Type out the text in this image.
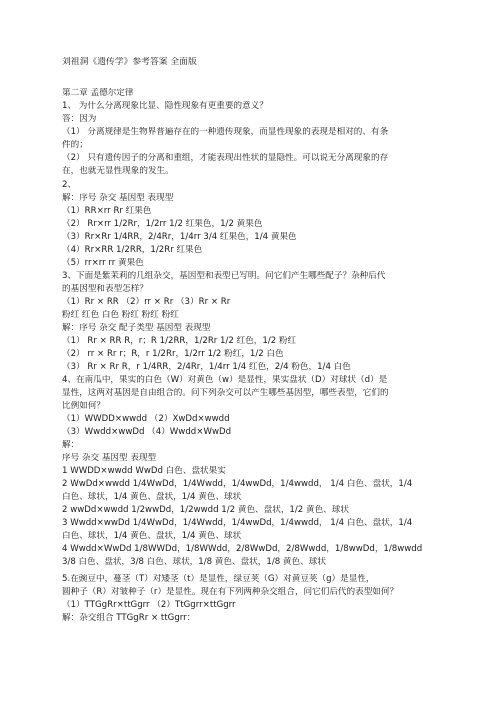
刘祖洞《遗传学》参考答案 全面版
第二章 孟德尔定律
1、 为什么分离现象比显、隐性现象有更重要的意义？
答：因为
（1） 分离规律是生物界普遍存在的一种遗传现象，而显性现象的表现是相对的、有条
件的；
（2） 只有遗传因子的分离和重组，才能表现出性状的显隐性。可以说无分离现象的存
在，也就无显性现象的发生。
2、
解：序号 杂交 基因型 表现型
（1）RR×rr Rr 红果色
（2） Rr×rr 1/2Rr，1/2rr 1/2 红果色，1/2 黄果色
（3）Rr×Rr 1/4RR，2/4Rr，1/4rr 3/4 红果色，1/4 黄果色
（4）Rr×RR 1/2RR，1/2Rr 红果色
（5）rr×rr rr 黄果色
3、下面是紫茉莉的几组杂交，基因型和表型已写明。问它们产生哪些配子？杂种后代
的基因型和表型怎样？
（1）Rr × RR （2）rr × Rr （3）Rr × Rr
粉红 红色 白色 粉红 粉红 粉红
解：序号 杂交 配子类型 基因型 表现型
（1） Rr × RR R，r；R 1/2RR，1/2Rr 1/2 红色，1/2 粉红
（2） rr × Rr r；R，r 1/2Rr，1/2rr 1/2 粉红，1/2 白色
（3） Rr × Rr R，r 1/4RR，2/4Rr，1/4rr 1/4 红色，2/4 粉色，1/4 白色
4、在南瓜中，果实的白色（W）对黄色（w）是显性，果实盘状（D）对球状（d）是
显性，这两对基因是自由组合的。问下列杂交可以产生哪些基因型，哪些表型，它们的
比例如何？
（1）WWDD×wwdd （2）XwDd×wwdd
（3）Wwdd×wwDd （4）Wwdd×WwDd
解：
序号 杂交 基因型 表现型
1 WWDD×wwdd WwDd 白色、盘状果实
2 WwDd×wwdd 1/4WwDd，1/4Wwdd，1/4wwDd，1/4wwdd， 1/4 白色、盘状，1/4
白色、球状，1/4 黄色、盘状，1/4 黄色、球状
2 wwDd×wwdd 1/2wwDd，1/2wwdd 1/2 黄色、盘状，1/2 黄色、球状
3 Wwdd×wwDd 1/4WwDd，1/4Wwdd，1/4wwDd，1/4wwdd， 1/4 白色、盘状，1/4
白色、球状，1/4 黄色、盘状，1/4 黄色、球状
4 Wwdd×WwDd 1/8WWDd，1/8WWdd，2/8WwDd，2/8Wwdd，1/8wwDd，1/8wwdd
3/8 白色、盘状，3/8 白色、球状，1/8 黄色、盘状，1/8 黄色、球状
5.在豌豆中，蔓茎（T）对矮茎（t）是显性，绿豆荚（G）对黄豆荚（g）是显性，
圆种子（R）对皱种子（r）是显性。现在有下列两种杂交组合，问它们后代的表型如何？
（1）TTGgRr×ttGgrr （2）TtGgrr×ttGgrr
解：杂交组合 TTGgRr × ttGgrr：
